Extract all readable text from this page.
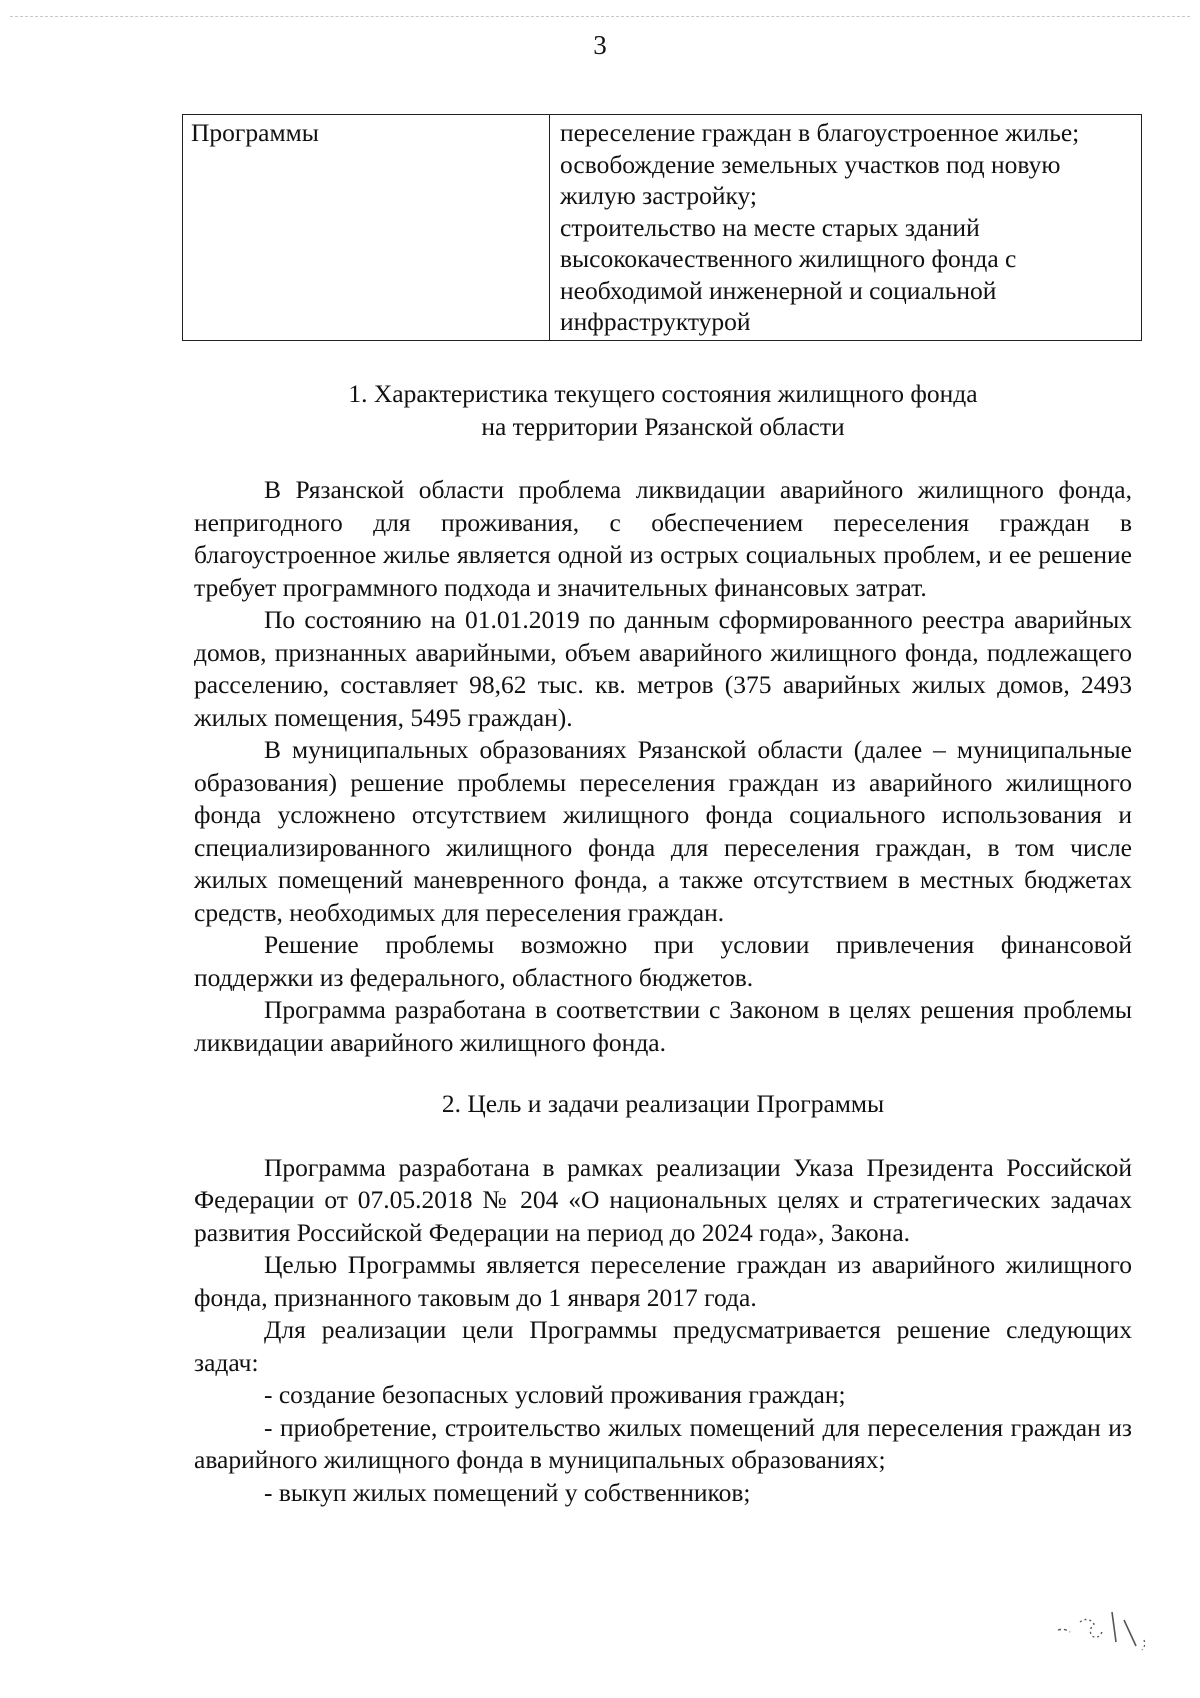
3
Программы	переселение граждан в благоустроенное жилье;
освобождение земельных участков под новую
жилую застройку;
строительство на месте старых зданий
высококачественного жилищного фонда с
необходимой инженерной и социальной
инфраструктурой
1. Характеристика текущего состояния жилищного фонда
на территории Рязанской области

В Рязанской области проблема ликвидации аварийного жилищного фонда, непригодного для проживания, с обеспечением переселения граждан в благоустроенное жилье является одной из острых социальных проблем, и ее решение требует программного подхода и значительных финансовых затрат.

По состоянию на 01.01.2019 по данным сформированного реестра аварийных домов, признанных аварийными, объем аварийного жилищного фонда, подлежащего расселению, составляет 98,62 тыс. кв. метров (375 аварийных жилых домов, 2493 жилых помещения, 5495 граждан).

В муниципальных образованиях Рязанской области (далее – муниципальные образования) решение проблемы переселения граждан из аварийного жилищного фонда усложнено отсутствием жилищного фонда социального использования и специализированного жилищного фонда для переселения граждан, в том числе жилых помещений маневренного фонда, а также отсутствием в местных бюджетах средств, необходимых для переселения граждан.

Решение проблемы возможно при условии привлечения финансовой поддержки из федерального, областного бюджетов.

Программа разработана в соответствии с Законом в целях решения проблемы ликвидации аварийного жилищного фонда.

2. Цель и задачи реализации Программы

Программа разработана в рамках реализации Указа Президента Российской Федерации от 07.05.2018 № 204 «О национальных целях и стратегических задачах развития Российской Федерации на период до 2024 года», Закона.

Целью Программы является переселение граждан из аварийного жилищного фонда, признанного таковым до 1 января 2017 года.

Для реализации цели Программы предусматривается решение следующих задач:

- создание безопасных условий проживания граждан;

- приобретение, строительство жилых помещений для переселения граждан из аварийного жилищного фонда в муниципальных образованиях;

- выкуп жилых помещений у собственников;
